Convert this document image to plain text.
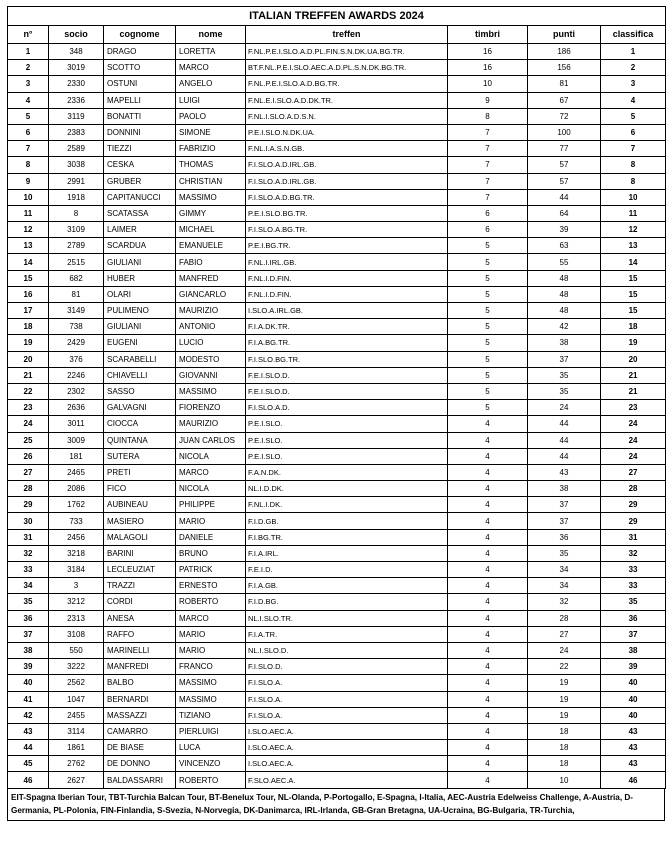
ITALIAN TREFFEN AWARDS 2024							
n°	socio	cognome	nome	treffen	timbri	punti	classifica
1	348	DRAGO	LORETTA	F.NL.P.E.I.SLO.A.D.PL.FIN.S.N.DK.UA.BG.TR.	16	186	1
2	3019	SCOTTO	MARCO	BT.F.NL.P.E.I.SLO.AEC.A.D.PL.S.N.DK.BG.TR.	16	156	2
3	2330	OSTUNI	ANGELO	F.NL.P.E.I.SLO.A.D.BG.TR.	10	81	3
4	2336	MAPELLI	LUIGI	F.NL.E.I.SLO.A.D.DK.TR.	9	67	4
5	3119	BONATTI	PAOLO	F.NL.I.SLO.A.D.S.N.	8	72	5
6	2383	DONNINI	SIMONE	P.E.I.SLO.N.DK.UA.	7	100	6
7	2589	TIEZZI	FABRIZIO	F.NL.I.A.S.N.GB.	7	77	7
8	3038	CESKA	THOMAS	F.I.SLO.A.D.IRL.GB.	7	57	8
9	2991	GRUBER	CHRISTIAN	F.I.SLO.A.D.IRL.GB.	7	57	8
10	1918	CAPITANUCCI	MASSIMO	F.I.SLO.A.D.BG.TR.	7	44	10
11	8	SCATASSA	GIMMY	P.E.I.SLO.BG.TR.	6	64	11
12	3109	LAIMER	MICHAEL	F.I.SLO.A.BG.TR.	6	39	12
13	2789	SCARDUA	EMANUELE	P.E.I.BG.TR.	5	63	13
14	2515	GIULIANI	FABIO	F.NL.I.IRL.GB.	5	55	14
15	682	HUBER	MANFRED	F.NL.I.D.FIN.	5	48	15
16	81	OLARI	GIANCARLO	F.NL.I.D.FIN.	5	48	15
17	3149	PULIMENO	MAURIZIO	I.SLO.A.IRL.GB.	5	48	15
18	738	GIULIANI	ANTONIO	F.I.A.DK.TR.	5	42	18
19	2429	EUGENI	LUCIO	F.I.A.BG.TR.	5	38	19
20	376	SCARABELLI	MODESTO	F.I.SLO.BG.TR.	5	37	20
21	2246	CHIAVELLI	GIOVANNI	F.E.I.SLO.D.	5	35	21
22	2302	SASSO	MASSIMO	F.E.I.SLO.D.	5	35	21
23	2636	GALVAGNI	FIORENZO	F.I.SLO.A.D.	5	24	23
24	3011	CIOCCA	MAURIZIO	P.E.I.SLO.	4	44	24
25	3009	QUINTANA	JUAN CARLOS	P.E.I.SLO.	4	44	24
26	181	SUTERA	NICOLA	P.E.I.SLO.	4	44	24
27	2465	PRETI	MARCO	F.A.N.DK.	4	43	27
28	2086	FICO	NICOLA	NL.I.D.DK.	4	38	28
29	1762	AUBINEAU	PHILIPPE	F.NL.I.DK.	4	37	29
30	733	MASIERO	MARIO	F.I.D.GB.	4	37	29
31	2456	MALAGOLI	DANIELE	F.I.BG.TR.	4	36	31
32	3218	BARINI	BRUNO	F.I.A.IRL.	4	35	32
33	3184	LECLEUZIAT	PATRICK	F.E.I.D.	4	34	33
34	3	TRAZZI	ERNESTO	F.I.A.GB.	4	34	33
35	3212	CORDI	ROBERTO	F.I.D.BG.	4	32	35
36	2313	ANESA	MARCO	NL.I.SLO.TR.	4	28	36
37	3108	RAFFO	MARIO	F.I.A.TR.	4	27	37
38	550	MARINELLI	MARIO	NL.I.SLO.D.	4	24	38
39	3222	MANFREDI	FRANCO	F.I.SLO.D.	4	22	39
40	2562	BALBO	MASSIMO	F.I.SLO.A.	4	19	40
41	1047	BERNARDI	MASSIMO	F.I.SLO.A.	4	19	40
42	2455	MASSAZZI	TIZIANO	F.I.SLO.A.	4	19	40
43	3114	CAMARRO	PIERLUIGI	I.SLO.AEC.A.	4	18	43
44	1861	DE BIASE	LUCA	I.SLO.AEC.A.	4	18	43
45	2762	DE DONNO	VINCENZO	I.SLO.AEC.A.	4	18	43
46	2627	BALDASSARRI	ROBERTO	F.SLO.AEC.A.	4	10	46
EIT-Spagna Iberian Tour, TBT-Turchia Balcan Tour, BT-Benelux Tour, NL-Olanda, P-Portogallo, E-Spagna, I-Italia, AEC-Austria Edelweiss Challenge, A-Austria, D-Germania, PL-Polonia, FIN-Finlandia, S-Svezia, N-Norvegia, DK-Danimarca, IRL-Irlanda, GB-Gran Bretagna, UA-Ucraina, BG-Bulgaria, TR-Turchia,
